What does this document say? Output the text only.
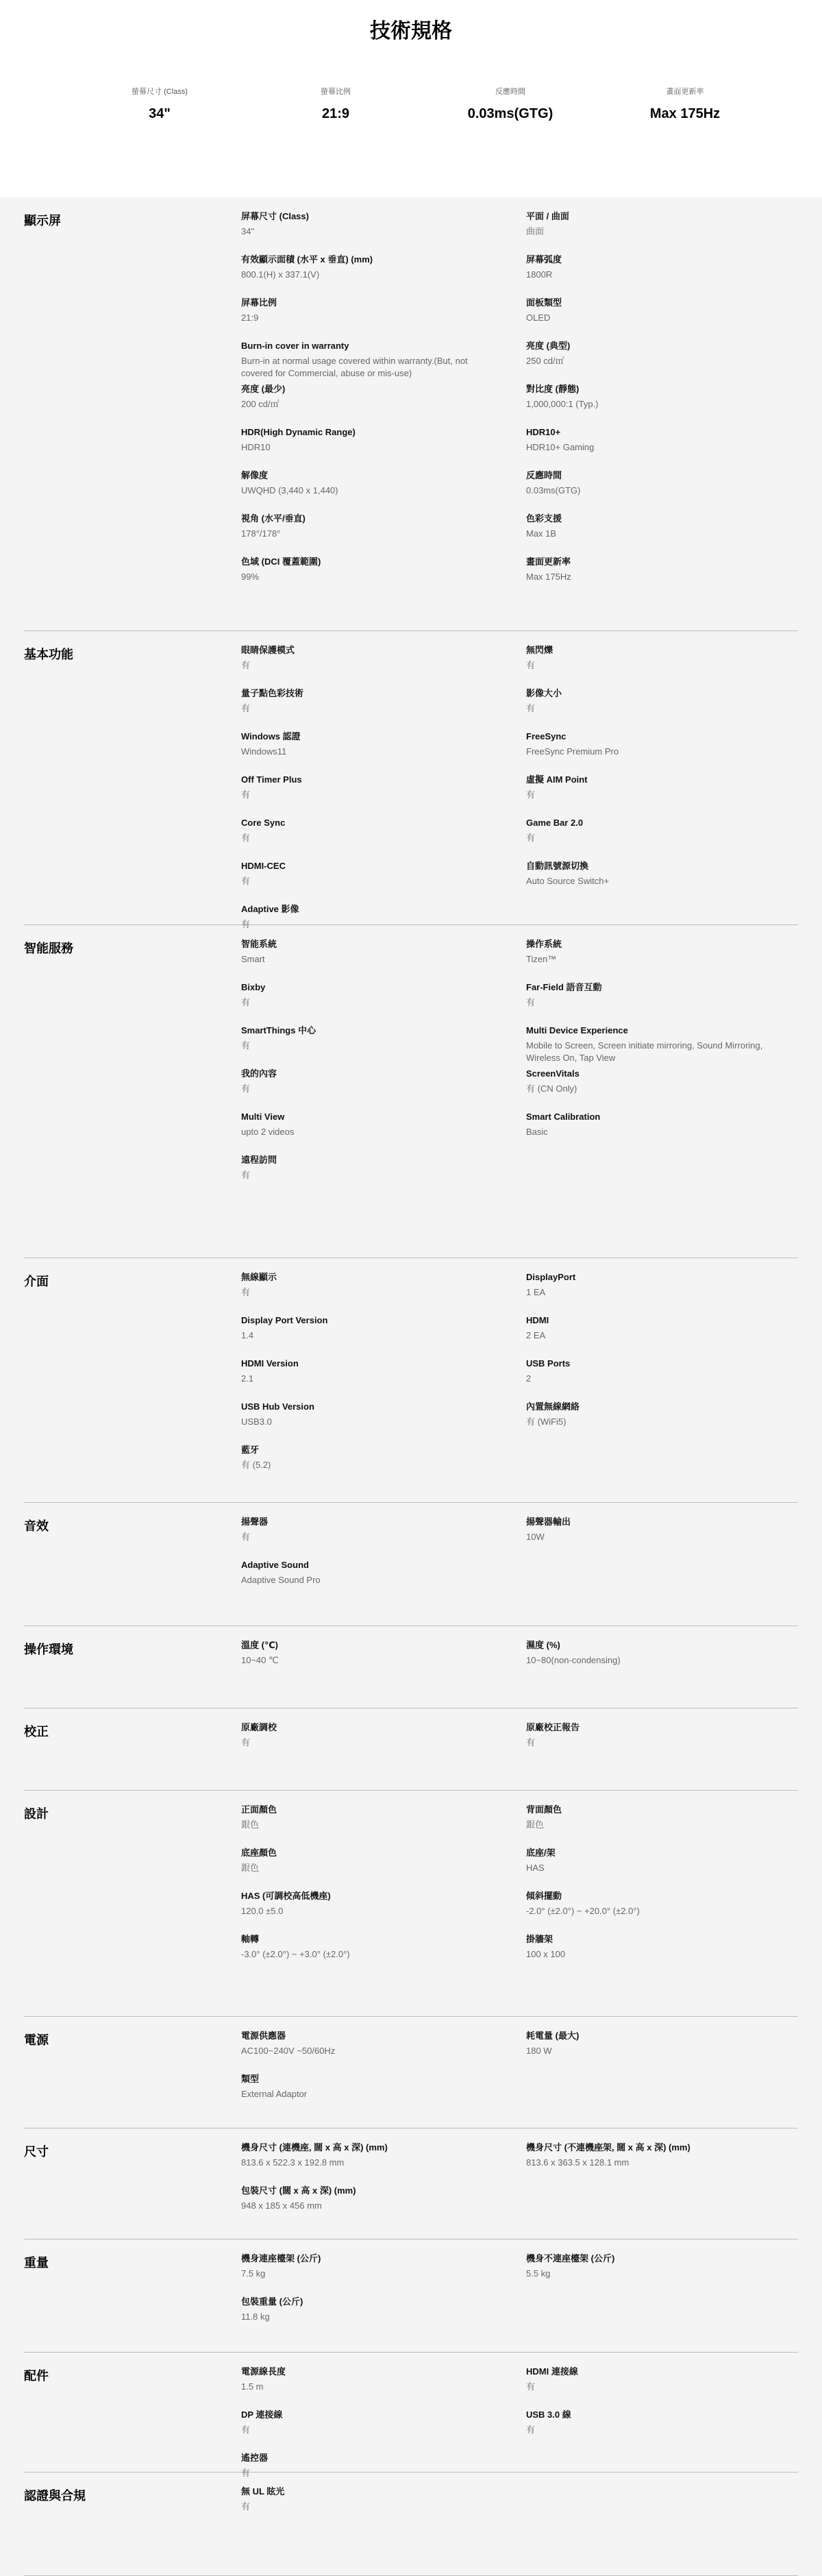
技術規格
螢幕尺寸 (Class)
34"
螢幕比例
21:9
反應時間
0.03ms(GTG)
畫面更新率
Max 175Hz
顯示屏	屏幕尺寸 (Class)
34"
平面 / 曲面
曲面
有效顯示面積 (水平 x 垂直) (mm)
800.1(H) x 337.1(V)
屏幕弧度
1800R
屏幕比例
21:9
面板類型
OLED
Burn-in cover in warranty
Burn-in at normal usage covered within warranty.(But, not covered for Commercial, abuse or mis-use)
亮度 (典型)
250 cd/㎡
亮度 (最少)
200 cd/㎡
對比度 (靜態)
1,000,000:1 (Typ.)
HDR(High Dynamic Range)
HDR10
HDR10+
HDR10+ Gaming
解像度
UWQHD (3,440 x 1,440)
反應時間
0.03ms(GTG)
視角 (水平/垂直)
178°/178°
色彩支援
Max 1B
色域 (DCI 覆蓋範圍)
99%
畫面更新率
Max 175Hz
基本功能	眼睛保護模式
有
無閃爍
有
量子點色彩技術
有
影像大小
有
Windows 認證
Windows11
FreeSync
FreeSync Premium Pro
Off Timer Plus
有
虛擬 AIM Point
有
Core Sync
有
Game Bar 2.0
有
HDMI-CEC
有
自動訊號源切換
Auto Source Switch+
Adaptive 影像
有
智能服務	智能系統
Smart
操作系統
Tizen™
Bixby
有
Far-Field 語音互動
有
SmartThings 中心
有
Multi Device Experience
Mobile to Screen, Screen initiate mirroring, Sound Mirroring, Wireless On, Tap View
我的內容
有
ScreenVitals
有 (CN Only)
Multi View
upto 2 videos
Smart Calibration
Basic
遠程訪問
有
介面	無線顯示
有
DisplayPort
1 EA
Display Port Version
1.4
HDMI
2 EA
HDMI Version
2.1
USB Ports
2
USB Hub Version
USB3.0
內置無線網絡
有 (WiFi5)
藍牙
有 (5.2)
音效	揚聲器
有
揚聲器輸出
10W
Adaptive Sound
Adaptive Sound Pro
操作環境	溫度 (℃)
10~40 ℃
濕度 (%)
10~80(non-condensing)
校正	原廠調校
有
原廠校正報告
有
設計	正面顏色
銀色
背面顏色
銀色
底座顏色
銀色
底座/架
HAS
HAS (可調校高低機座)
120.0 ±5.0
傾斜擺動
-2.0° (±2.0°) ~ +20.0° (±2.0°)
軸轉
-3.0° (±2.0°) ~ +3.0° (±2.0°)
掛牆架
100 x 100
電源	電源供應器
AC100~240V ~50/60Hz
耗電量 (最大)
180 W
類型
External Adaptor
尺寸	機身尺寸 (連機座, 闊 x 高 x 深) (mm)
813.6 x 522.3 x 192.8 mm
機身尺寸 (不連機座架, 闊 x 高 x 深) (mm)
813.6 x 363.5 x 128.1 mm
包裝尺寸 (闊 x 高 x 深) (mm)
948 x 185 x 456 mm
重量	機身連座檯架 (公斤)
7.5 kg
機身不連座檯架 (公斤)
5.5 kg
包裝重量 (公斤)
11.8 kg
配件	電源線長度
1.5 m
HDMI 連接線
有
DP 連接線
有
USB 3.0 線
有
遙控器
有
認證與合規	無 UL 眩光
有
